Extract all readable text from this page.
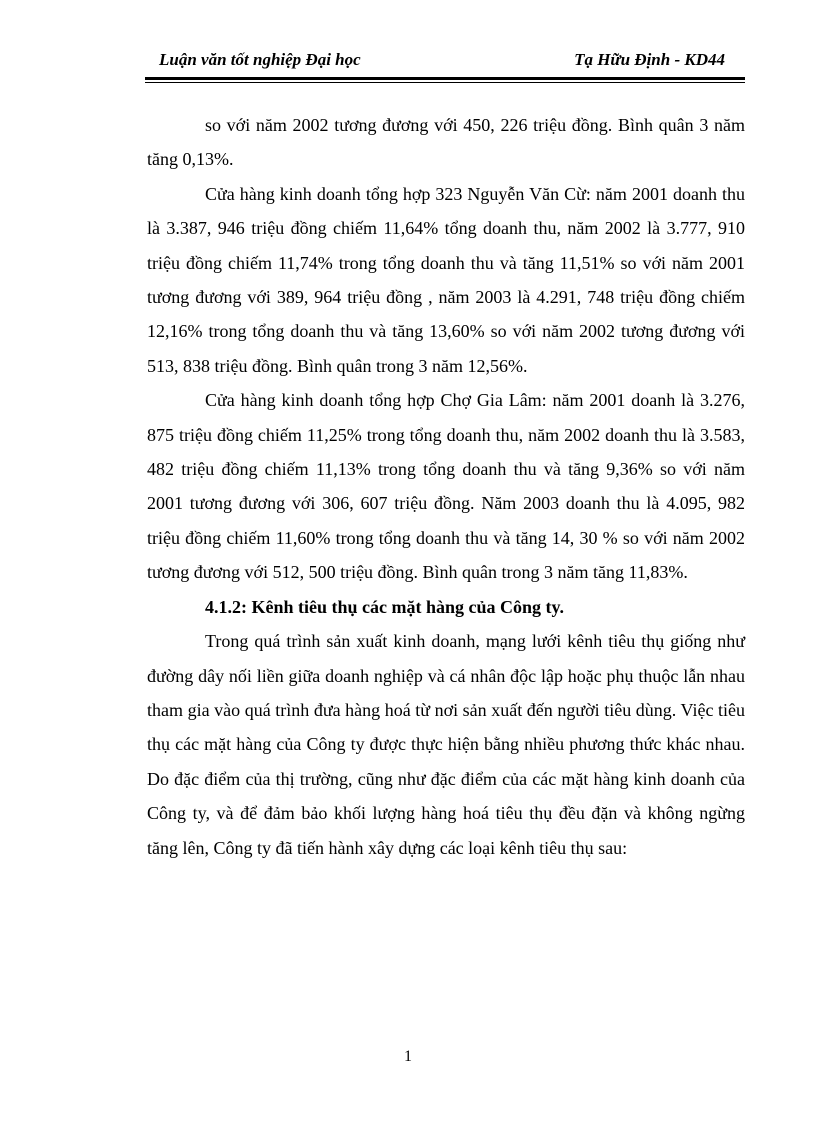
Luận văn tốt nghiệp Đại học	Tạ Hữu Định - KD44

so với năm 2002 tương đương với 450, 226 triệu đồng. Bình quân 3 năm tăng 0,13%.

Cửa hàng kinh doanh tổng hợp 323 Nguyễn Văn Cừ: năm 2001 doanh thu là 3.387, 946 triệu đồng chiếm 11,64% tổng doanh thu, năm 2002 là 3.777, 910 triệu đồng chiếm 11,74% trong tổng doanh thu và tăng 11,51% so với năm 2001 tương đương với 389, 964 triệu đồng , năm 2003 là 4.291, 748 triệu đồng chiếm 12,16% trong tổng doanh thu và tăng 13,60% so với năm 2002 tương đương với 513, 838 triệu đồng. Bình quân trong 3 năm 12,56%.

Cửa hàng kinh doanh tổng hợp Chợ Gia Lâm: năm 2001 doanh là 3.276, 875 triệu đồng chiếm 11,25% trong tổng doanh thu, năm 2002 doanh thu là 3.583, 482 triệu đồng chiếm 11,13% trong tổng doanh thu và tăng 9,36% so với năm 2001 tương đương với 306, 607 triệu đồng. Năm 2003 doanh thu là 4.095, 982 triệu đồng chiếm 11,60% trong tổng doanh thu và tăng 14, 30 % so với năm 2002 tương đương với 512, 500 triệu đồng. Bình quân trong 3 năm tăng 11,83%.

4.1.2: Kênh tiêu thụ các mặt hàng của Công ty.

Trong quá trình sản xuất kinh doanh, mạng lưới kênh tiêu thụ giống như đường dây nối liền giữa doanh nghiệp và cá nhân độc lập hoặc phụ thuộc lẫn nhau tham gia vào quá trình đưa hàng hoá từ nơi sản xuất đến người tiêu dùng. Việc tiêu thụ các mặt hàng của Công ty được thực hiện bằng nhiều phương thức khác nhau. Do đặc điểm của thị trường, cũng như đặc điểm của các mặt hàng kinh doanh của Công ty, và để đảm bảo khối lượng hàng hoá tiêu thụ đều đặn và không ngừng tăng lên, Công ty đã tiến hành xây dựng các loại kênh tiêu thụ sau:

1
